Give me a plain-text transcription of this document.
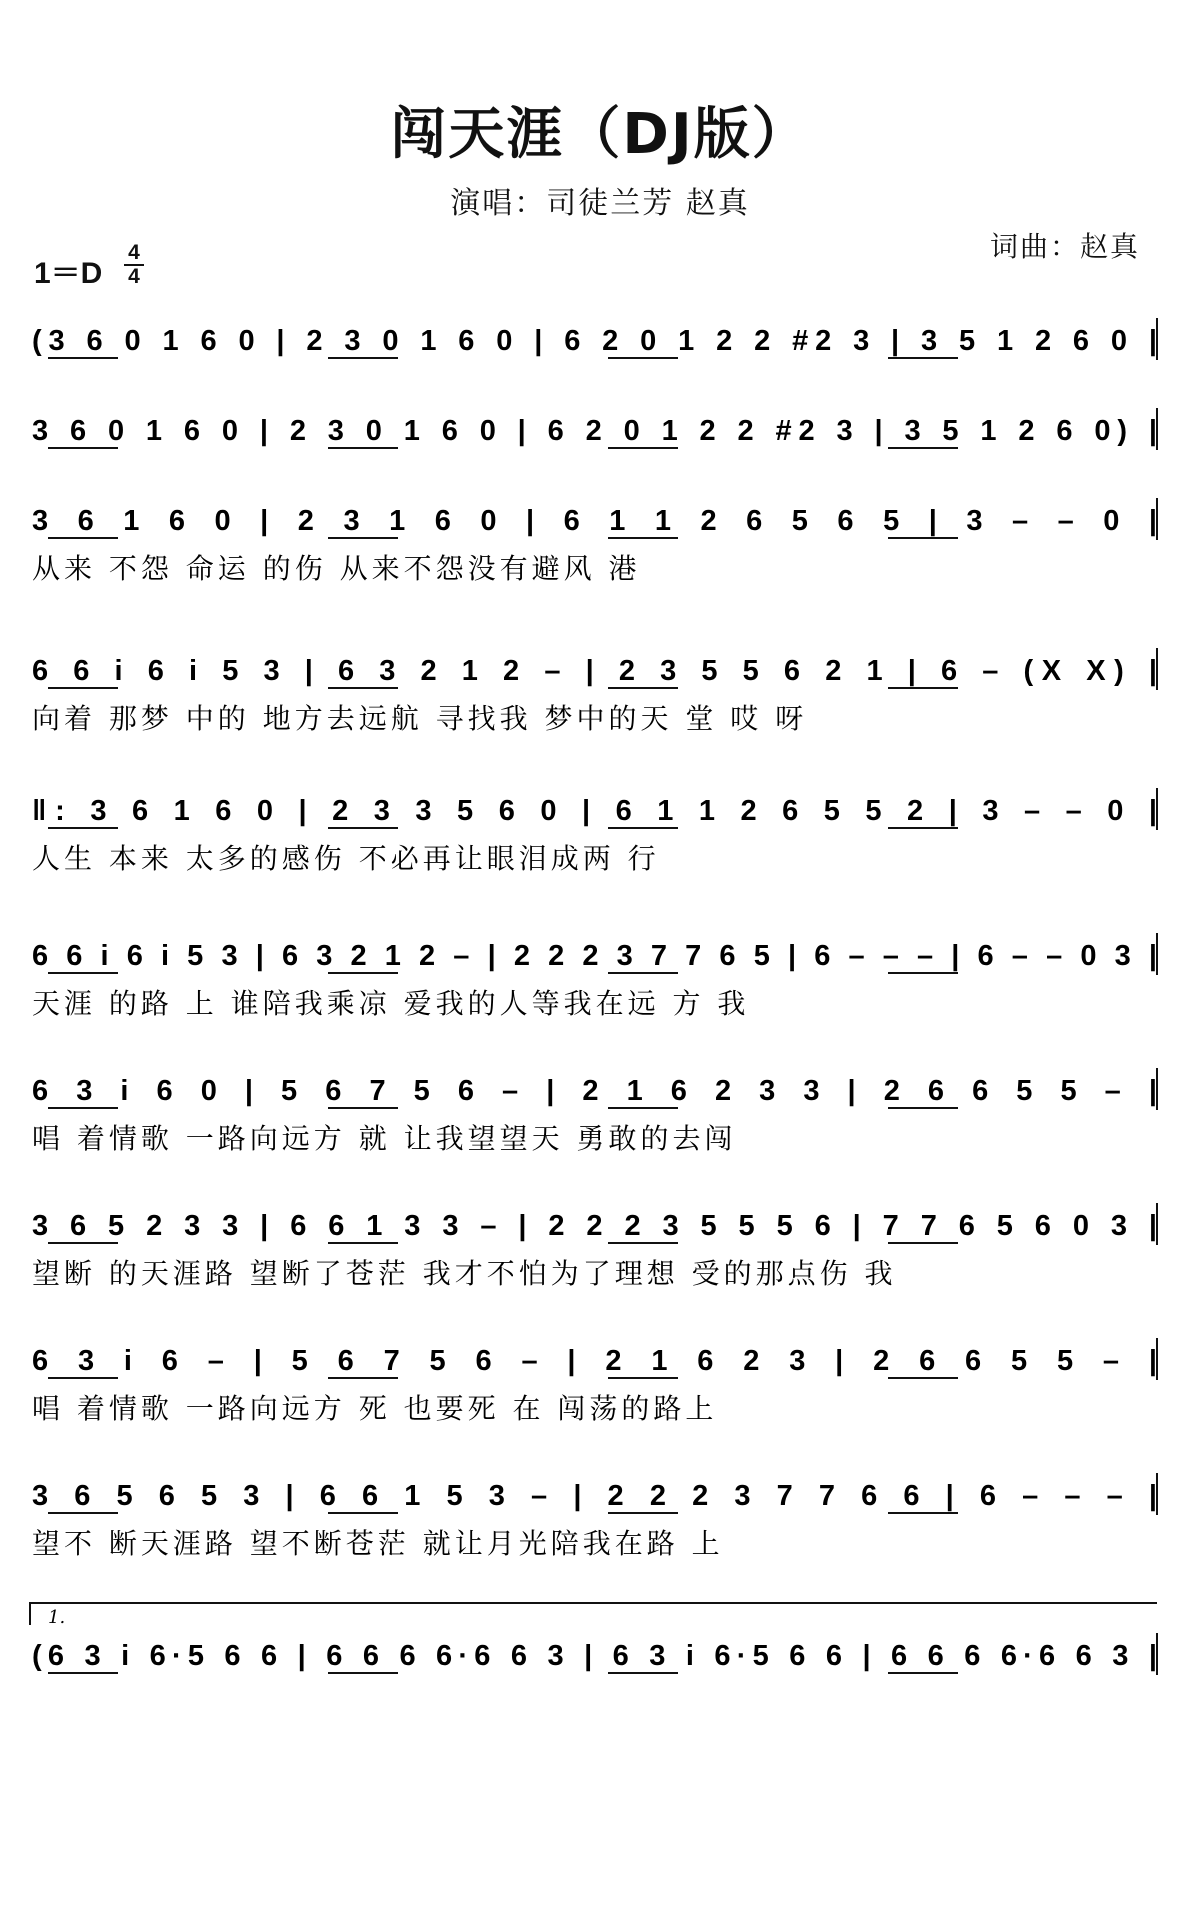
闯天涯（DJ版）
演唱：司徒兰芳 赵真
词曲：赵真
1＝D
4
4
(3 6 0 1 6 0 | 2 3 0 1 6 0 | 6 2 0 1 2 2 #2 3 | 3 5 1 2 6 0 |
3 6 0 1 6 0 | 2 3 0 1 6 0 | 6 2 0 1 2 2 #2 3 | 3 5 1 2 6 0) |
3 6 1 6 0 | 2 3 1 6 0 | 6 1 1 2 6 5 6 5 | 3 – – 0 |
从来 不怨 命运 的伤 从来不怨没有避风 港
6 6 i 6 i 5 3 | 6 3 2 1 2 – | 2 3 5 5 6 2 1 | 6 – (X X) |
向着 那梦 中的 地方去远航 寻找我 梦中的天 堂 哎 呀
‖: 3 6 1 6 0 | 2 3 3 5 6 0 | 6 1 1 2 6 5 5 2 | 3 – – 0 |
人生 本来 太多的感伤 不必再让眼泪成两 行
6 6 i 6 i 5 3 | 6 3 2 1 2 – | 2 2 2 3 7 7 6 5 | 6 – – – | 6 – – 0 3 |
天涯 的路 上 谁陪我乘凉 爱我的人等我在远 方 我
6 3 i 6 0 | 5 6 7 5 6 – | 2 1 6 2 3 3 | 2 6 6 5 5 – |
唱 着情歌 一路向远方 就 让我望望天 勇敢的去闯
3 6 5 2 3 3 | 6 6 1 3 3 – | 2 2 2 3 5 5 5 6 | 7 7 6 5 6 0 3 |
望断 的天涯路 望断了苍茫 我才不怕为了理想 受的那点伤 我
6 3 i 6 – | 5 6 7 5 6 – | 2 1 6 2 3 | 2 6 6 5 5 – |
唱 着情歌 一路向远方 死 也要死 在 闯荡的路上
3 6 5 6 5 3 | 6 6 1 5 3 – | 2 2 2 3 7 7 6 6 | 6 – – – |
望不 断天涯路 望不断苍茫 就让月光陪我在路 上
(6 3 i 6·5 6 6 | 6 6 6 6·6 6 3 | 6 3 i 6·5 6 6 | 6 6 6 6·6 6 3 |
1.
